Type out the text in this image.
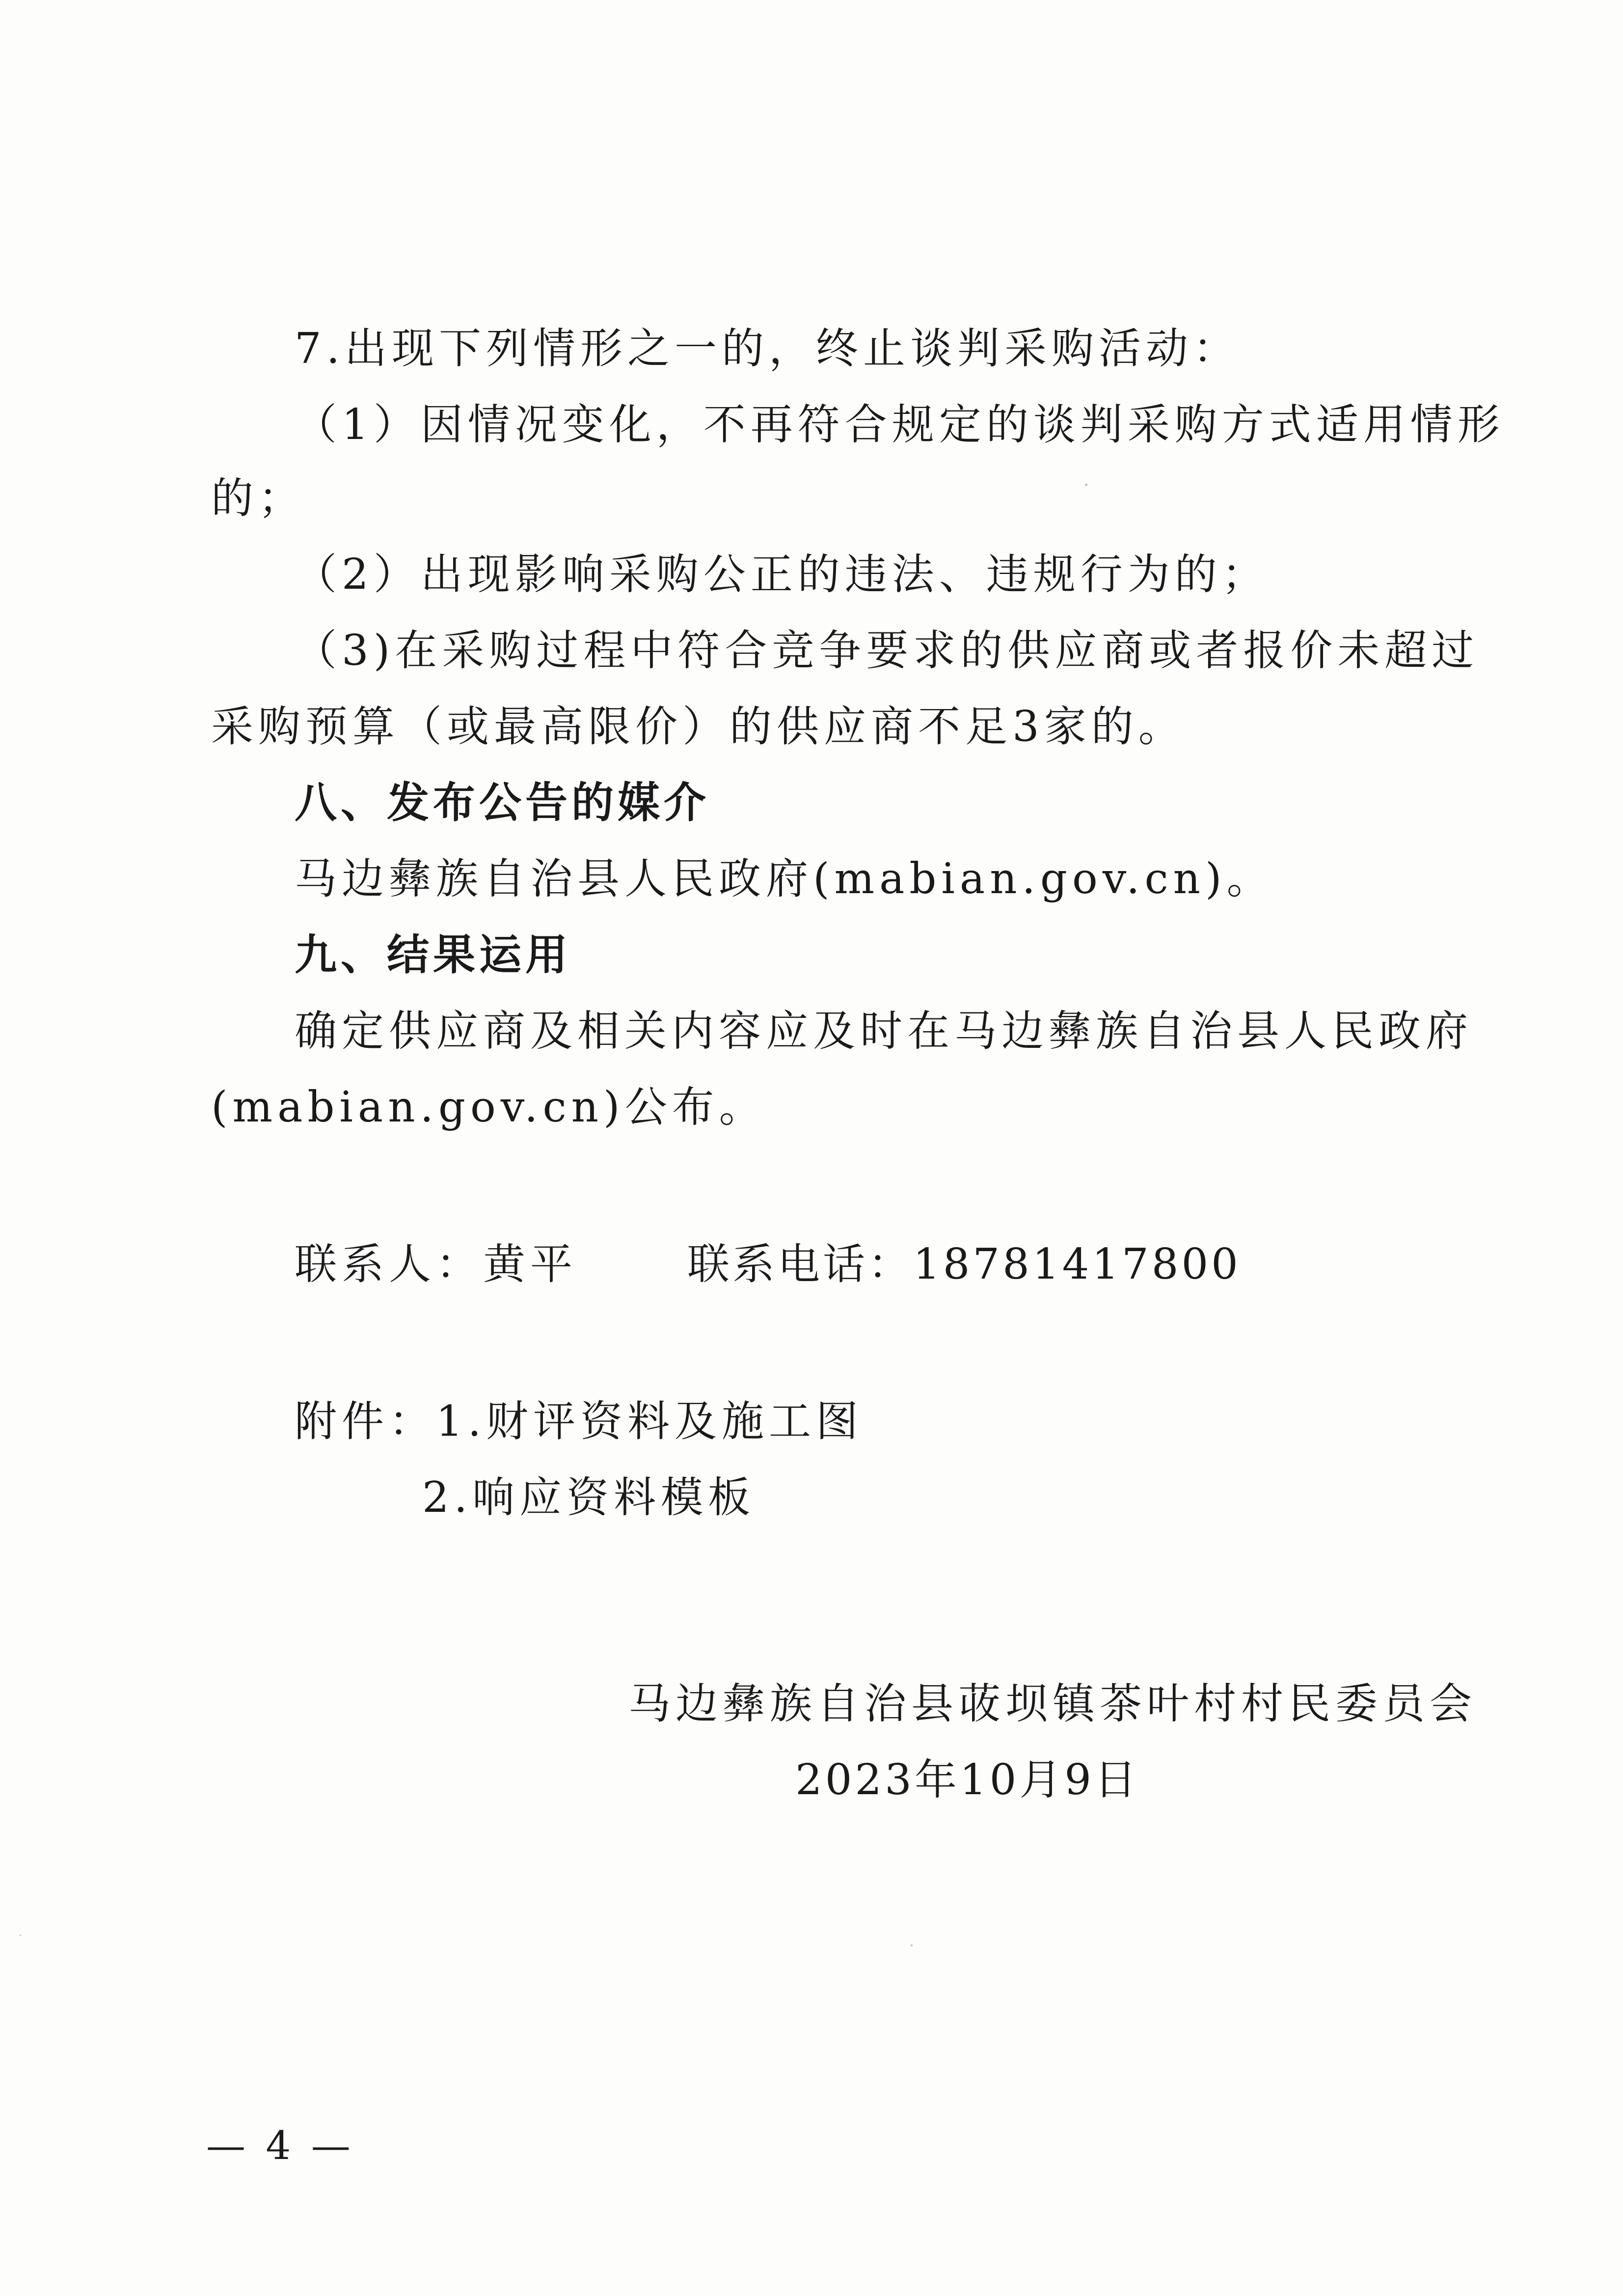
7.出现下列情形之一的，终止谈判采购活动：
（1）因情况变化，不再符合规定的谈判采购方式适用情形
的；
（2）出现影响采购公正的违法、违规行为的；
（3)在采购过程中符合竞争要求的供应商或者报价未超过
采购预算（或最高限价）的供应商不足3家的。
八、发布公告的媒介
马边彝族自治县人民政府(mabian.gov.cn)。
九、结果运用
确定供应商及相关内容应及时在马边彝族自治县人民政府
(mabian.gov.cn)公布。
联系人：黄平	联系电话：18781417800
附件：1.财评资料及施工图
2.响应资料模板
马边彝族自治县荍坝镇茶叶村村民委员会
2023年10月9日
— 4 —
